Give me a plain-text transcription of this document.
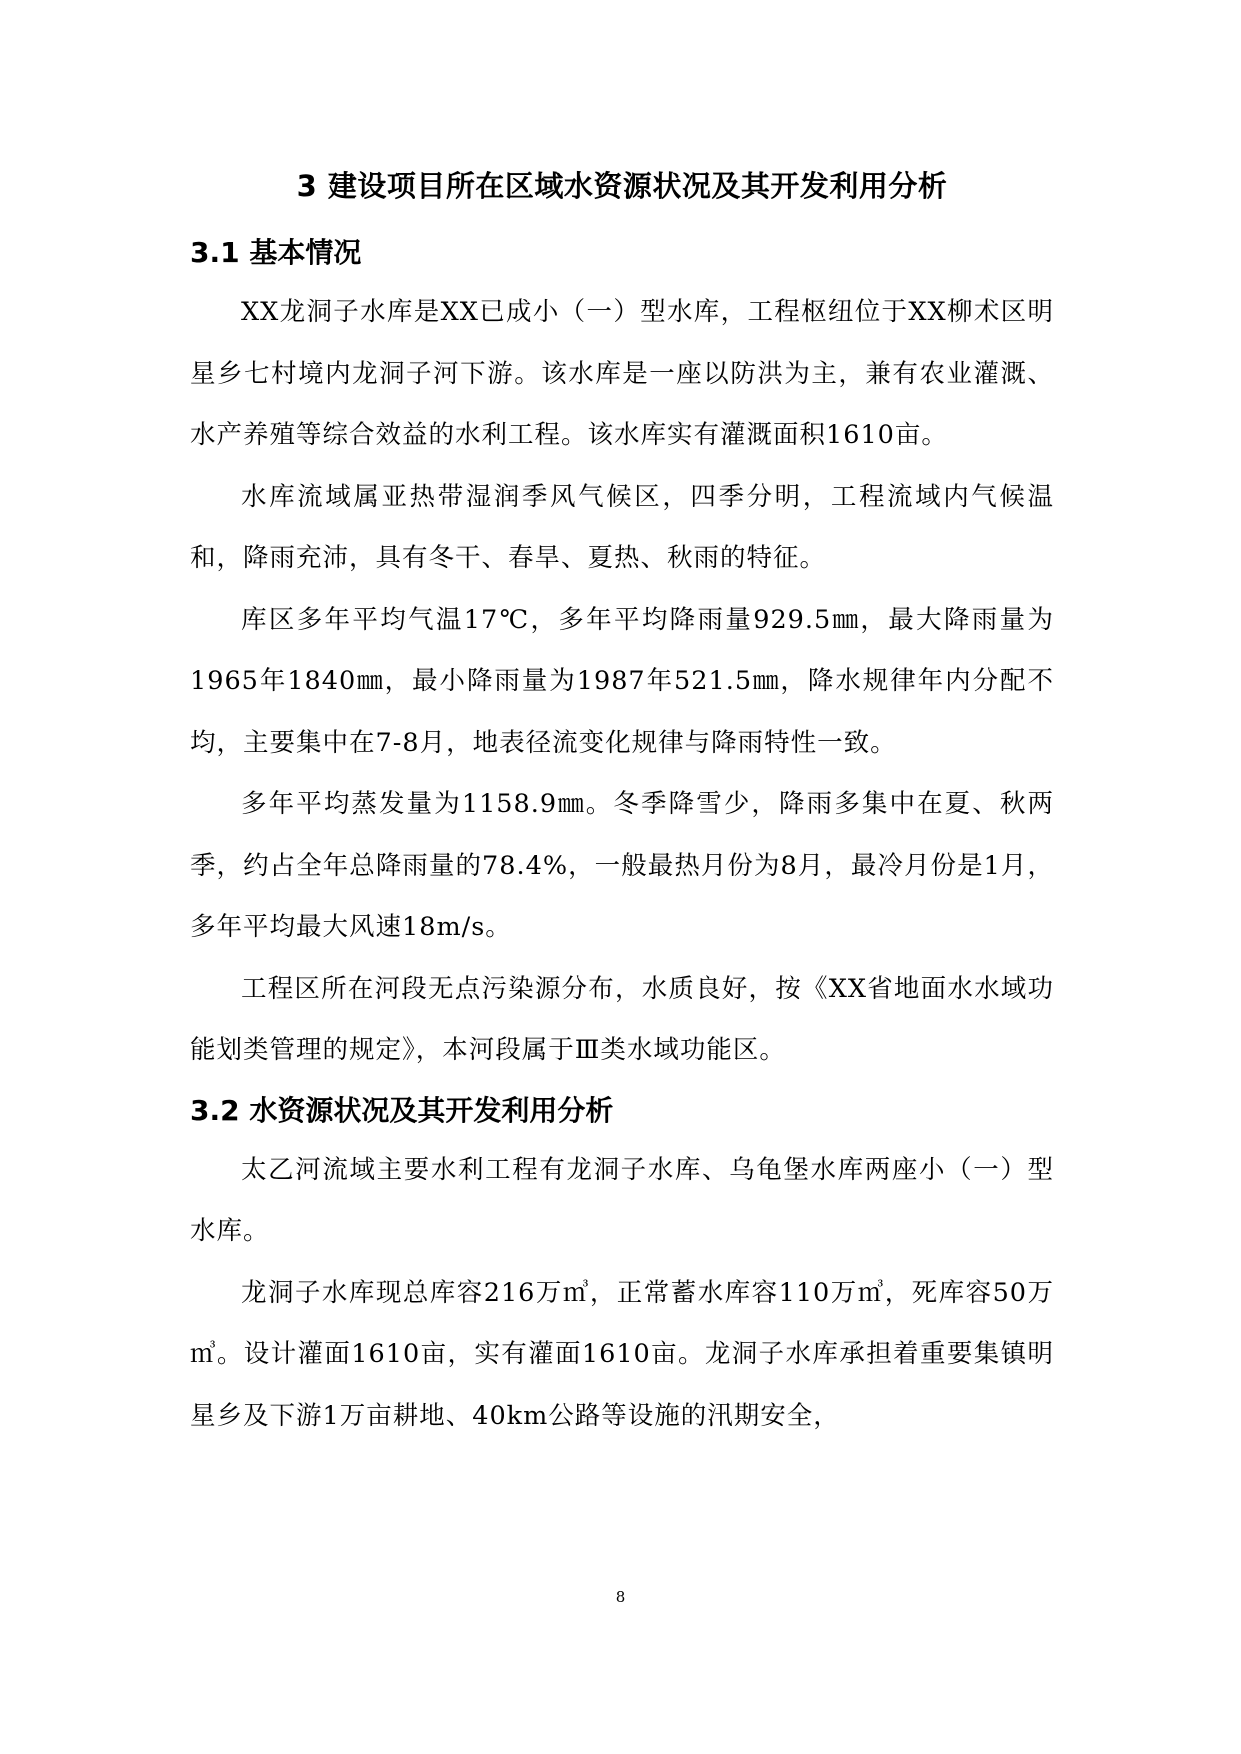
3 建设项目所在区域水资源状况及其开发利用分析
3.1 基本情况

XX龙洞子水库是XX已成小（一）型水库，工程枢纽位于XX柳术区明星乡七村境内龙洞子河下游。该水库是一座以防洪为主，兼有农业灌溉、水产养殖等综合效益的水利工程。该水库实有灌溉面积1610亩。

水库流域属亚热带湿润季风气候区，四季分明，工程流域内气候温和，降雨充沛，具有冬干、春旱、夏热、秋雨的特征。

库区多年平均气温17℃，多年平均降雨量929.5㎜，最大降雨量为1965年1840㎜，最小降雨量为1987年521.5㎜，降水规律年内分配不均，主要集中在7-8月，地表径流变化规律与降雨特性一致。

多年平均蒸发量为1158.9㎜。冬季降雪少，降雨多集中在夏、秋两季，约占全年总降雨量的78.4%，一般最热月份为8月，最冷月份是1月，多年平均最大风速18m/s。

工程区所在河段无点污染源分布，水质良好，按《XX省地面水水域功能划类管理的规定》，本河段属于Ⅲ类水域功能区。

3.2 水资源状况及其开发利用分析

太乙河流域主要水利工程有龙洞子水库、乌龟堡水库两座小（一）型水库。

龙洞子水库现总库容216万㎥，正常蓄水库容110万㎥，死库容50万㎥。设计灌面1610亩，实有灌面1610亩。龙洞子水库承担着重要集镇明星乡及下游1万亩耕地、40km公路等设施的汛期安全，

8
